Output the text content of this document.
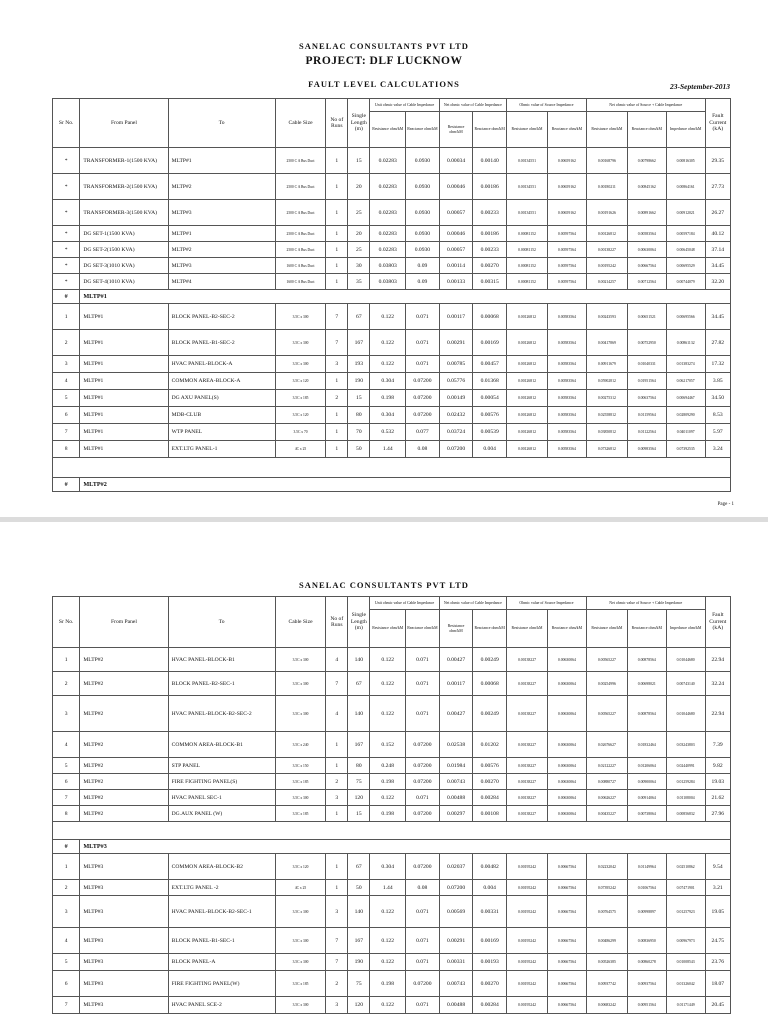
SANELAC CONSULTANTS PVT LTD
PROJECT: DLF LUCKNOW
FAULT LEVEL CALCULATIONS	23-September-2013
Sr No.	From Panel	To	Cable Size	No of Runs	Single Length (m)	Unit ohmic value of Cable Impedance		Net ohmic value of Cable Impedance		Ohmic value of Source Impedance		Net ohmic value of Source + Cable Impedance			Fault Current (kA)
						Resistance ohm/kM	Reactance ohm/kM	Resistance ohm/kM	Reactance ohm/kM	Resistance ohm/kM	Reactance ohm/kM	Resistance ohm/kM	Reactance ohm/kM	Impedance ohm/kM	
*	TRANSFORMER-1(1500 KVA)	MLTP#1	2500 C A Bus Duct	1	15	0.02283	0.0930	0.00034	0.00140	0.00134551	0.00659162	0.00168796	0.00798662	0.00816305	29.35
*	TRANSFORMER-2(1500 KVA)	MLTP#2	2500 C A Bus Duct	1	20	0.02283	0.0930	0.00046	0.00186	0.00134551	0.00659162	0.00180211	0.00845162	0.00864161	27.73
*	TRANSFORMER-3(1500 KVA)	MLTP#3	2500 C A Bus Duct	1	25	0.02283	0.0930	0.00057	0.00233	0.00134551	0.00659162	0.00191626	0.00891662	0.00912021	26.27
*	DG SET-1(1500 KVA)	MLTP#1	2500 C A Bus Duct	1	20	0.02283	0.0930	0.00046	0.00186	0.00081152	0.00597564	0.00126812	0.00583564	0.00597184	40.12
*	DG SET-2(1500 KVA)	MLTP#2	2500 C A Bus Duct	1	25	0.02283	0.0930	0.00057	0.00233	0.00081152	0.00597564	0.00138227	0.00630064	0.00645048	37.14
*	DG SET-3(1010 KVA)	MLTP#3	1600 C A Bus Duct	1	30	0.03803	0.09	0.00114	0.00270	0.00081152	0.00597564	0.00195242	0.00667564	0.00695529	34.45
*	DG SET-4(1010 KVA)	MLTP#4	1600 C A Bus Duct	1	35	0.03803	0.09	0.00133	0.00315	0.00081152	0.00597564	0.00214257	0.00712564	0.00744079	32.20
#	MLTP#1														
1	MLTP#1	BLOCK PANEL-B2-SEC-2	3.5C x 300	7	67	0.122	0.071	0.00117	0.00068	0.00126812	0.00583564	0.00243593	0.00651521	0.00695566	34.45
2	MLTP#1	BLOCK PANEL-B1-SEC-2	3.5C x 300	7	167	0.122	0.071	0.00291	0.00169	0.00126812	0.00583564	0.00417869	0.00752950	0.00861132	27.82
3	MLTP#1	HVAC PANEL-BLOCK-A	3.5C x 300	3	193	0.122	0.071	0.00785	0.00457	0.00126812	0.00583564	0.00911679	0.01040331	0.01383274	17.32
4	MLTP#1	COMMON AREA-BLOCK-A	3.5C x 120	1	190	0.304	0.07200	0.05776	0.01368	0.00126812	0.00583564	0.05902812	0.01951564	0.06217057	3.85
5	MLTP#1	DG AXU PANEL(S)	3.5C x 185	2	15	0.198	0.07200	0.00149	0.00054	0.00126812	0.00583564	0.00275312	0.00637564	0.00694467	34.50
6	MLTP#1	MDB-CLUB	3.5C x 120	1	80	0.304	0.07200	0.02432	0.00576	0.00126812	0.00583564	0.02558812	0.01159564	0.02809290	8.53
7	MLTP#1	WTP PANEL	3.5C x 70	1	70	0.532	0.077	0.03724	0.00539	0.00126812	0.00583564	0.03850812	0.01122564	0.04011097	5.97
8	MLTP#1	EXT.LTG PANEL-1	4C x 25	1	50	1.44	0.08	0.07200	0.004	0.00126812	0.00583564	0.07326812	0.00983564	0.07392535	3.24

#	MLTP#2														
Page - 1
SANELAC CONSULTANTS PVT LTD
Sr No.	From Panel	To	Cable Size	No of Runs	Single Length (m)	Unit ohmic value of Cable Impedance		Net ohmic value of Cable Impedance		Ohmic value of Source Impedance		Net ohmic value of Source + Cable Impedance			Fault Current (kA)
						Resistance ohm/kM	Reactance ohm/kM	Resistance ohm/kM	Reactance ohm/kM	Resistance ohm/kM	Reactance ohm/kM	Resistance ohm/kM	Reactance ohm/kM	Impedance ohm/kM	
1	MLTP#2	HVAC PANEL-BLOCK-B1	3.5C x 300	4	140	0.122	0.071	0.00427	0.00249	0.00138227	0.00630064	0.00565227	0.00878564	0.01044680	22.94
2	MLTP#2	BLOCK PANEL-B2-SEC-1	3.5C x 300	7	67	0.122	0.071	0.00117	0.00068	0.00138227	0.00630064	0.00254996	0.00698021	0.00743140	32.24
3	MLTP#2	HVAC PANEL-BLOCK-B2-SEC-2	3.5C x 300	4	140	0.122	0.071	0.00427	0.00249	0.00138227	0.00630064	0.00565227	0.00878564	0.01044680	22.94
4	MLTP#2	COMMON AREA-BLOCK-B1	3.5C x 240	1	167	0.152	0.07200	0.02538	0.01202	0.00138227	0.00630064	0.02676627	0.01832464	0.03243803	7.39
5	MLTP#2	STP PANEL	3.5C x 150	1	80	0.248	0.07200	0.01984	0.00576	0.00138227	0.00630064	0.02122227	0.01206064	0.02440991	9.82
6	MLTP#2	FIRE FIGHTING PANEL(S)	3.5C x 185	2	75	0.198	0.07200	0.00743	0.00270	0.00138227	0.00630064	0.00880727	0.00900064	0.01259284	19.03
7	MLTP#2	HVAC PANEL SEC-1	3.5C x 300	3	120	0.122	0.071	0.00488	0.00284	0.00138227	0.00630064	0.00626227	0.00914064	0.01108004	21.62
8	MLTP#2	DG.AUX PANEL (W)	3.5C x 185	1	15	0.198	0.07200	0.00297	0.00108	0.00138227	0.00630064	0.00435227	0.00738064	0.00856832	27.96

#	MLTP#3														
1	MLTP#3	COMMON AREA-BLOCK-B2	3.5C x 120	1	67	0.304	0.07200	0.02037	0.00482	0.00195242	0.00667564	0.02232042	0.01149964	0.02510862	9.54
2	MLTP#3	EXT.LTG PANEL -2	4C x 25	1	50	1.44	0.08	0.07200	0.004	0.00195242	0.00667564	0.07395242	0.01067564	0.07471901	3.21
3	MLTP#3	HVAC PANEL-BLOCK-B2-SEC-1	3.5C x 300	3	140	0.122	0.071	0.00569	0.00331	0.00195242	0.00667564	0.00764575	0.00998897	0.01257923	19.05
4	MLTP#3	BLOCK PANEL-B1-SEC-1	3.5C x 300	7	167	0.122	0.071	0.00291	0.00169	0.00195242	0.00667564	0.00486299	0.00836950	0.00967973	24.75
5	MLTP#3	BLOCK PANEL-A	3.5C x 300	7	190	0.122	0.071	0.00331	0.00193	0.00195242	0.00667564	0.00526385	0.00860278	0.01008543	23.76
6	MLTP#3	FIRE FIGHTING PANEL(W)	3.5C x 185	2	75	0.198	0.07200	0.00743	0.00270	0.00195242	0.00667564	0.00937742	0.00937564	0.01326042	18.07
7	MLTP#3	HVAC PANEL SCE-2	3.5C x 300	3	120	0.122	0.071	0.00488	0.00284	0.00195242	0.00667564	0.00683242	0.00951564	0.01171449	20.45
